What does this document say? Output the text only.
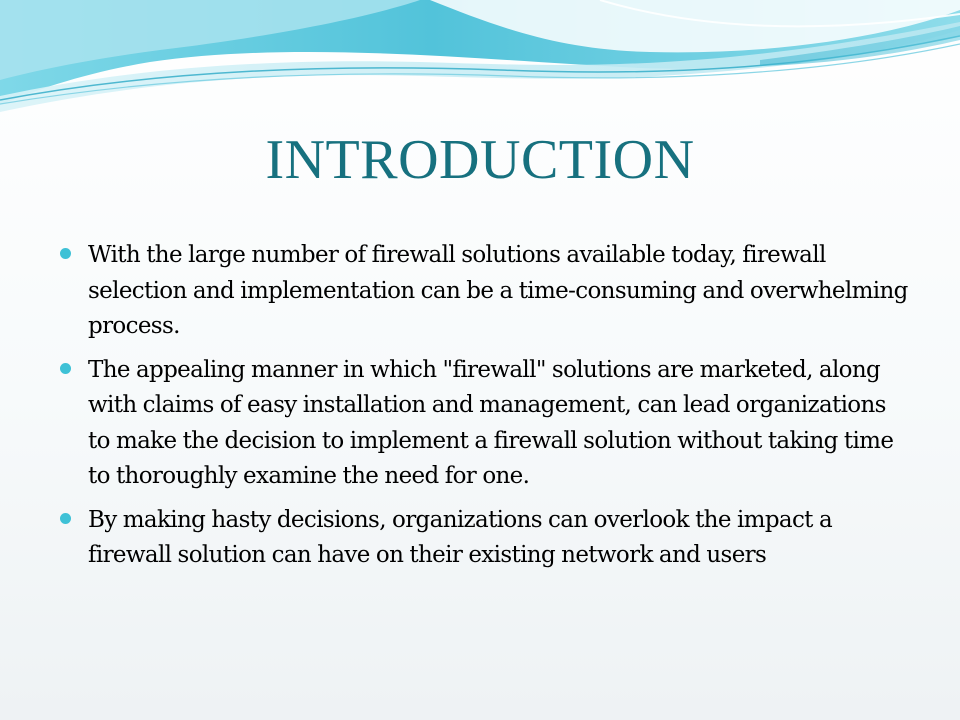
INTRODUCTION
With the large number of firewall solutions available today, firewall selection and implementation can be a time-consuming and overwhelming process.
The appealing manner in which "firewall" solutions are marketed, along with claims of easy installation and management, can lead organizations to make the decision to implement a firewall solution without taking time to thoroughly examine the need for one.
By making hasty decisions, organizations can overlook the impact a firewall solution can have on their existing network and users
